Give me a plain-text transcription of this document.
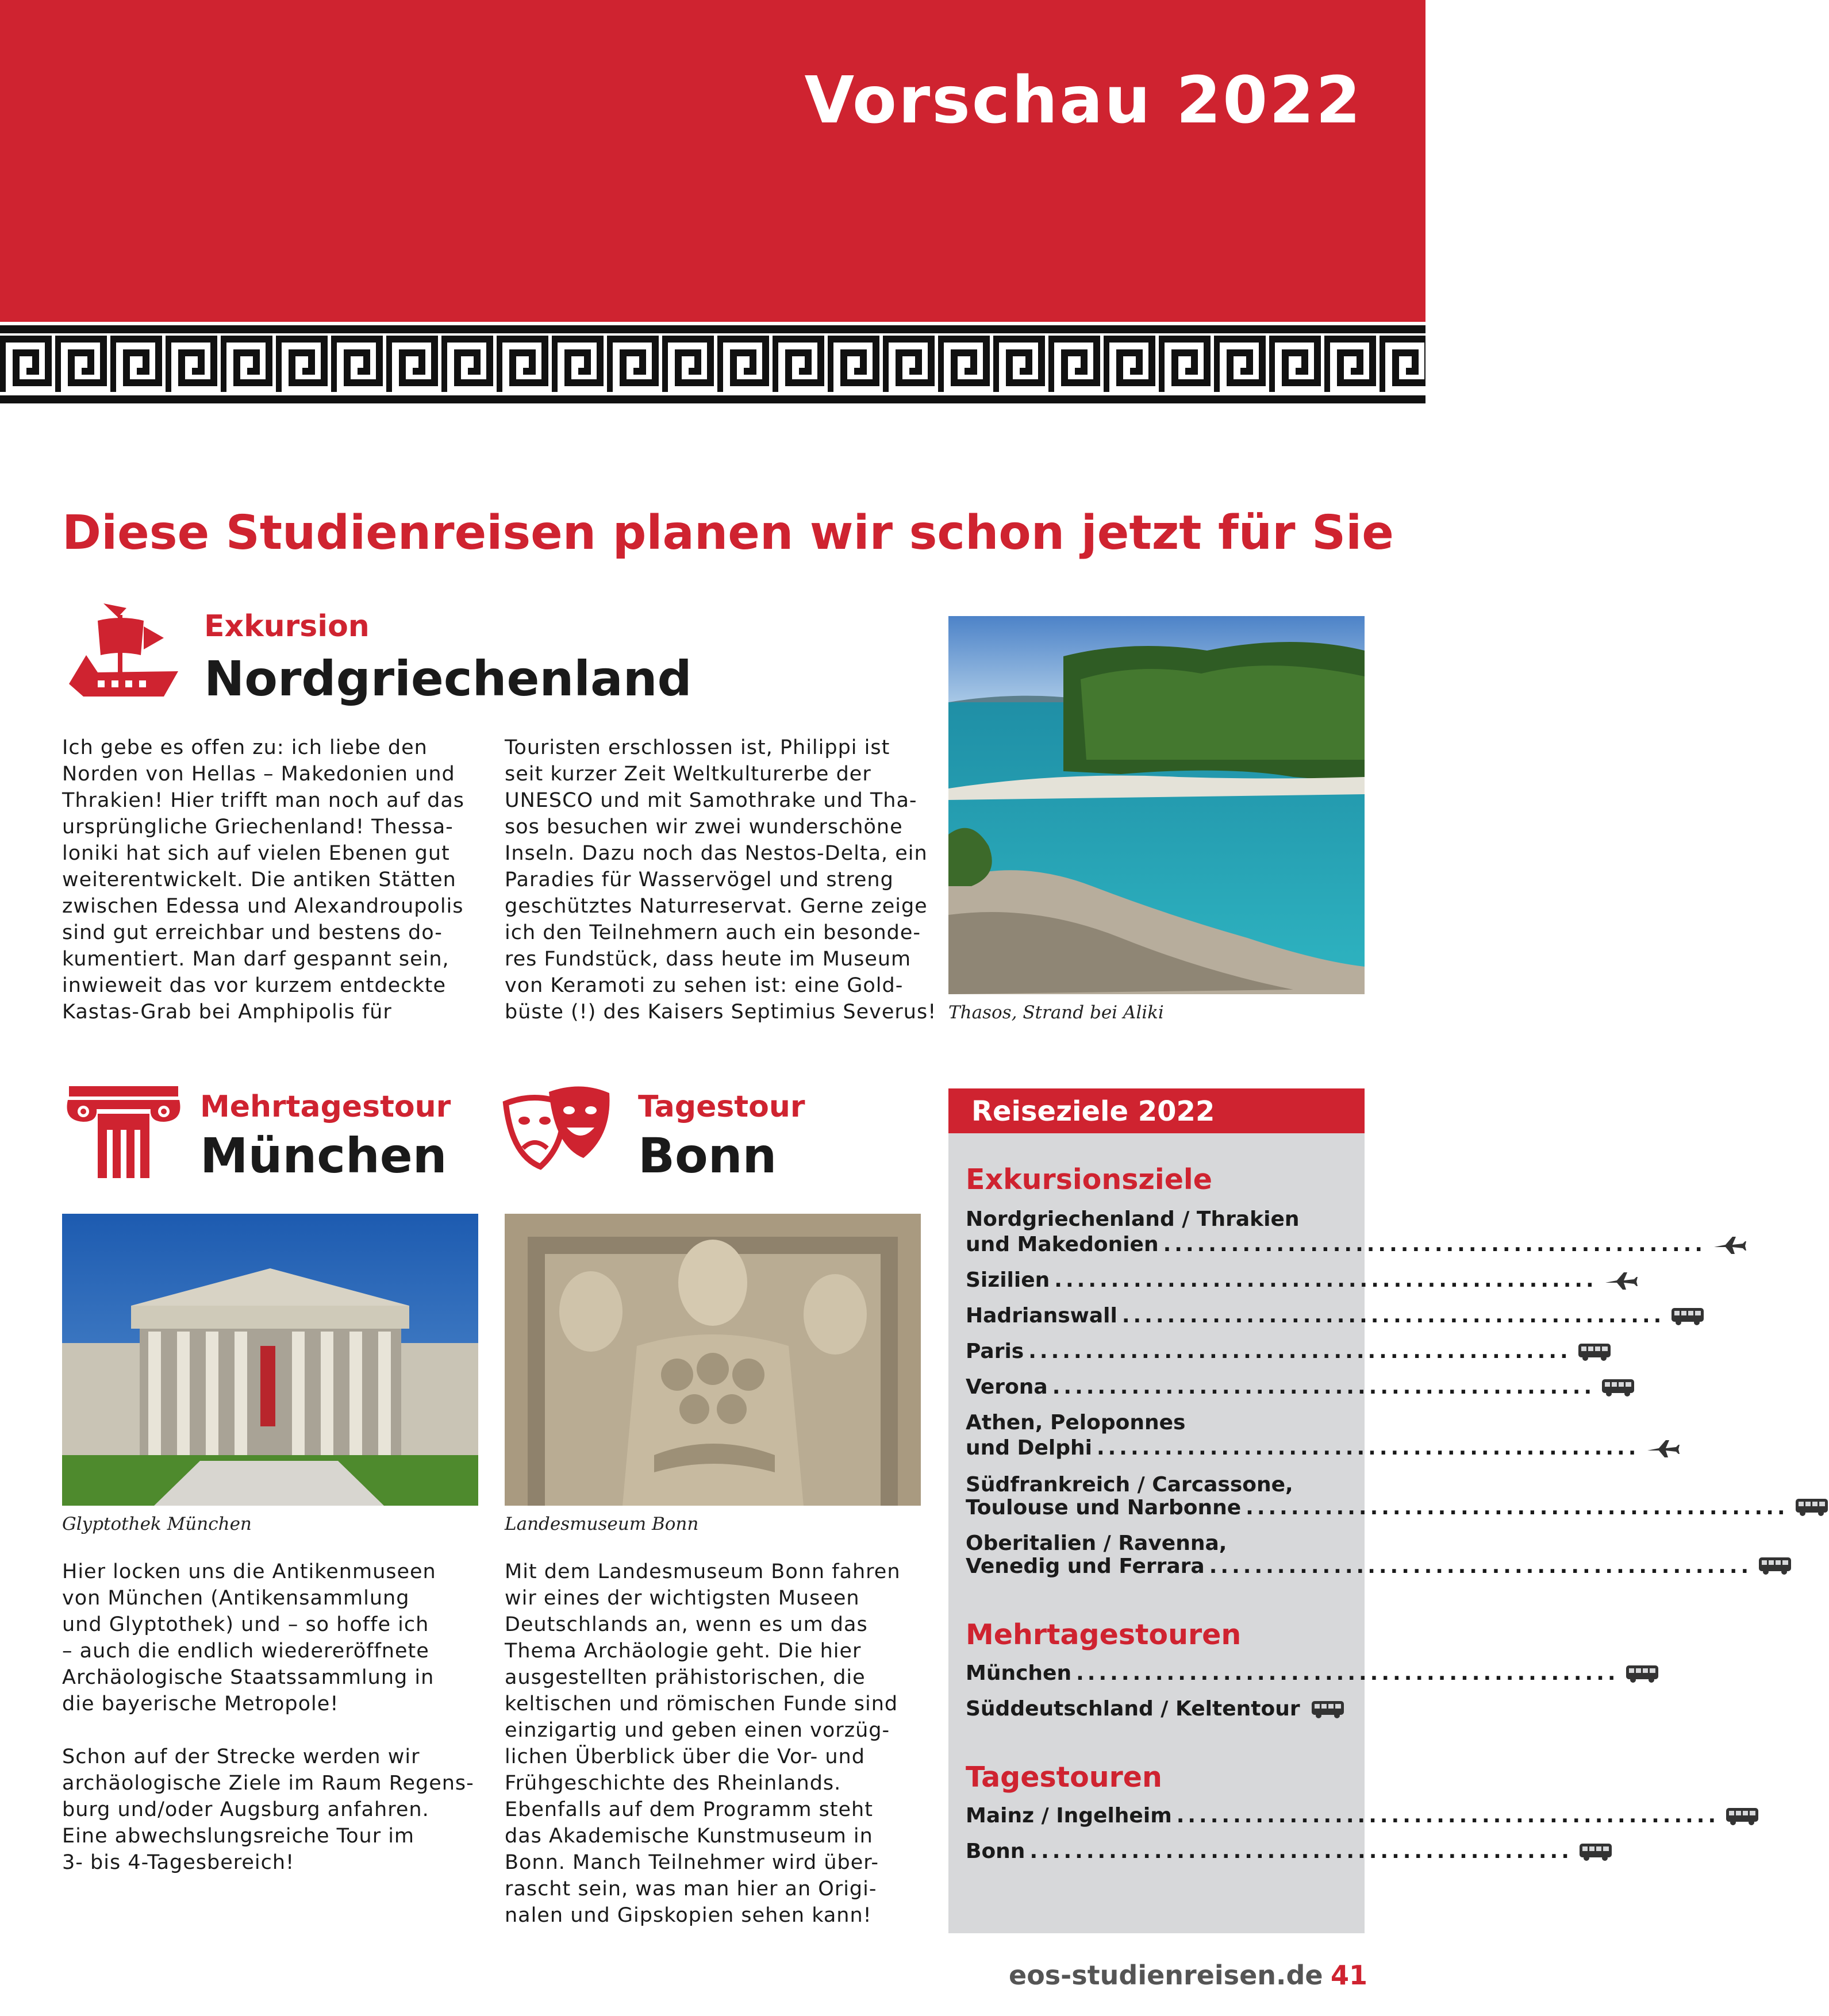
Vorschau 2022
Diese Studienreisen planen wir schon jetzt für Sie
Exkursion
Nordgriechenland
Ich gebe es offen zu: ich liebe den
Norden von Hellas – Makedonien und
Thrakien! Hier trifft man noch auf das
ursprüngliche Griechenland! Thessa-
loniki hat sich auf vielen Ebenen gut
weiterentwickelt. Die antiken Stätten
zwischen Edessa und Alexandroupolis
sind gut erreichbar und bestens do-
kumentiert. Man darf gespannt sein,
inwieweit das vor kurzem entdeckte
Kastas-Grab bei Amphipolis für
Touristen erschlossen ist, Philippi ist
seit kurzer Zeit Weltkulturerbe der
UNESCO und mit Samothrake und Tha-
sos besuchen wir zwei wunderschöne
Inseln. Dazu noch das Nestos-Delta, ein
Paradies für Wasservögel und streng
geschütztes Naturreservat. Gerne zeige
ich den Teilnehmern auch ein besonde-
res Fundstück, dass heute im Museum
von Keramoti zu sehen ist: eine Gold-
büste (!) des Kaisers Septimius Severus! Thasos, Strand bei Aliki
Mehrtagestour
München
Glyptothek München
Hier locken uns die Antikenmuseen
von München (Antikensammlung
und Glyptothek) und – so hoffe ich
– auch die endlich wiedereröffnete
Archäologische Staatssammlung in
die bayerische Metropole!

Schon auf der Strecke werden wir
archäologische Ziele im Raum Regens-
burg und/oder Augsburg anfahren.
Eine abwechslungsreiche Tour im
3- bis 4-Tagesbereich!
Tagestour
Bonn
Landesmuseum Bonn
Mit dem Landesmuseum Bonn fahren
wir eines der wichtigsten Museen
Deutschlands an, wenn es um das
Thema Archäologie geht. Die hier
ausgestellten prähistorischen, die
keltischen und römischen Funde sind
einzigartig und geben einen vorzüg-
lichen Überblick über die Vor- und
Frühgeschichte des Rheinlands.
Ebenfalls auf dem Programm steht
das Akademische Kunstmuseum in
Bonn. Manch Teilnehmer wird über-
rascht sein, was man hier an Origi-
nalen und Gipskopien sehen kann!
Reiseziele 2022
Exkursionsziele
Nordgriechenland / Thrakien
und Makedonien ................................................
Sizilien ................................................
Hadrianswall ................................................
Paris ................................................
Verona ................................................
Athen, Peloponnes
und Delphi ................................................
Südfrankreich / Carcassone,
Toulouse und Narbonne ................................................
Oberitalien / Ravenna,
Venedig und Ferrara ................................................
Mehrtagestouren
München ................................................
Süddeutschland / Keltentour
Tagestouren
Mainz / Ingelheim ................................................
Bonn ................................................
eos-studienreisen.de 41
